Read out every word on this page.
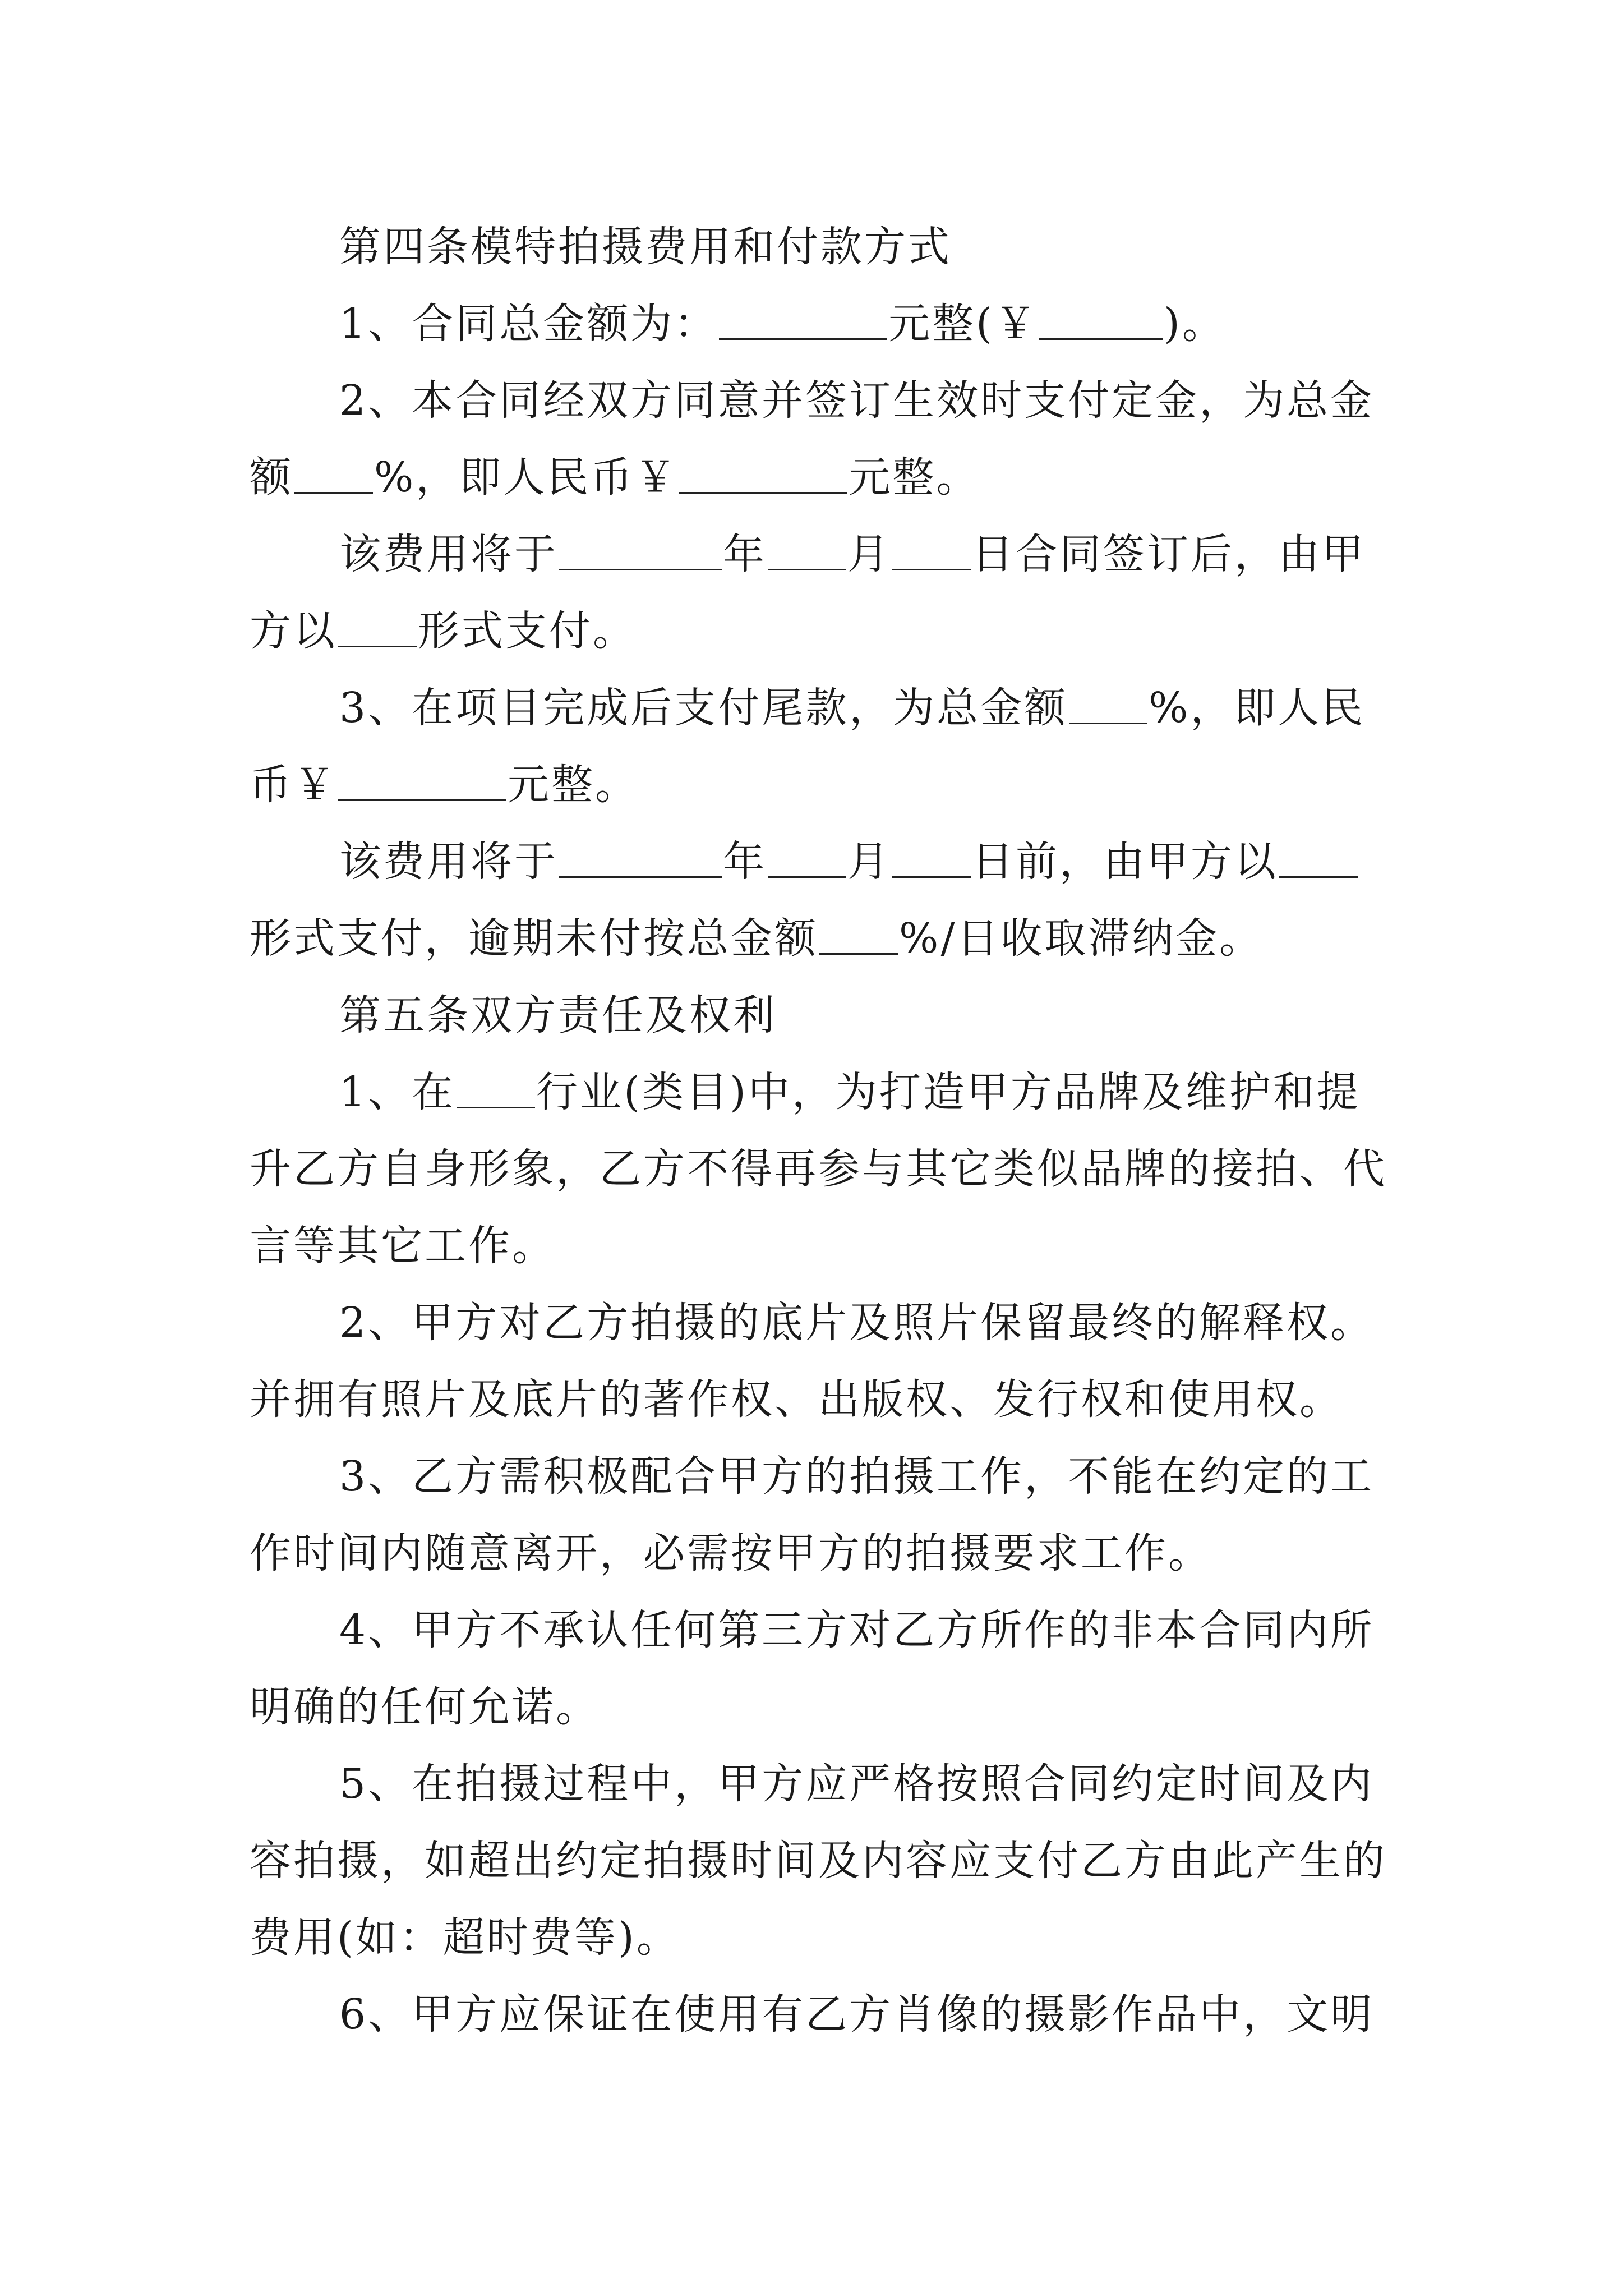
第四条模特拍摄费用和付款方式

1、合同总金额为：	元整(￥	)。

2、本合同经双方同意并签订生效时支付定金，为总金额 %，即人民币￥	元整。

该费用将于	年 月 日合同签订后，由甲方以 形式支付。

3、在项目完成后支付尾款，为总金额 %，即人民币￥	元整。

该费用将于	年 月 日前，由甲方以形式支付，逾期未付按总金额 %/日收取滞纳金。

第五条双方责任及权利

1、在 行业(类目)中，为打造甲方品牌及维护和提升乙方自身形象，乙方不得再参与其它类似品牌的接拍、代言等其它工作。

2、甲方对乙方拍摄的底片及照片保留最终的解释权。并拥有照片及底片的著作权、出版权、发行权和使用权。

3、乙方需积极配合甲方的拍摄工作，不能在约定的工作时间内随意离开，必需按甲方的拍摄要求工作。

4、甲方不承认任何第三方对乙方所作的非本合同内所明确的任何允诺。

5、在拍摄过程中，甲方应严格按照合同约定时间及内容拍摄，如超出约定拍摄时间及内容应支付乙方由此产生的费用(如：超时费等)。

6、甲方应保证在使用有乙方肖像的摄影作品中，文明
